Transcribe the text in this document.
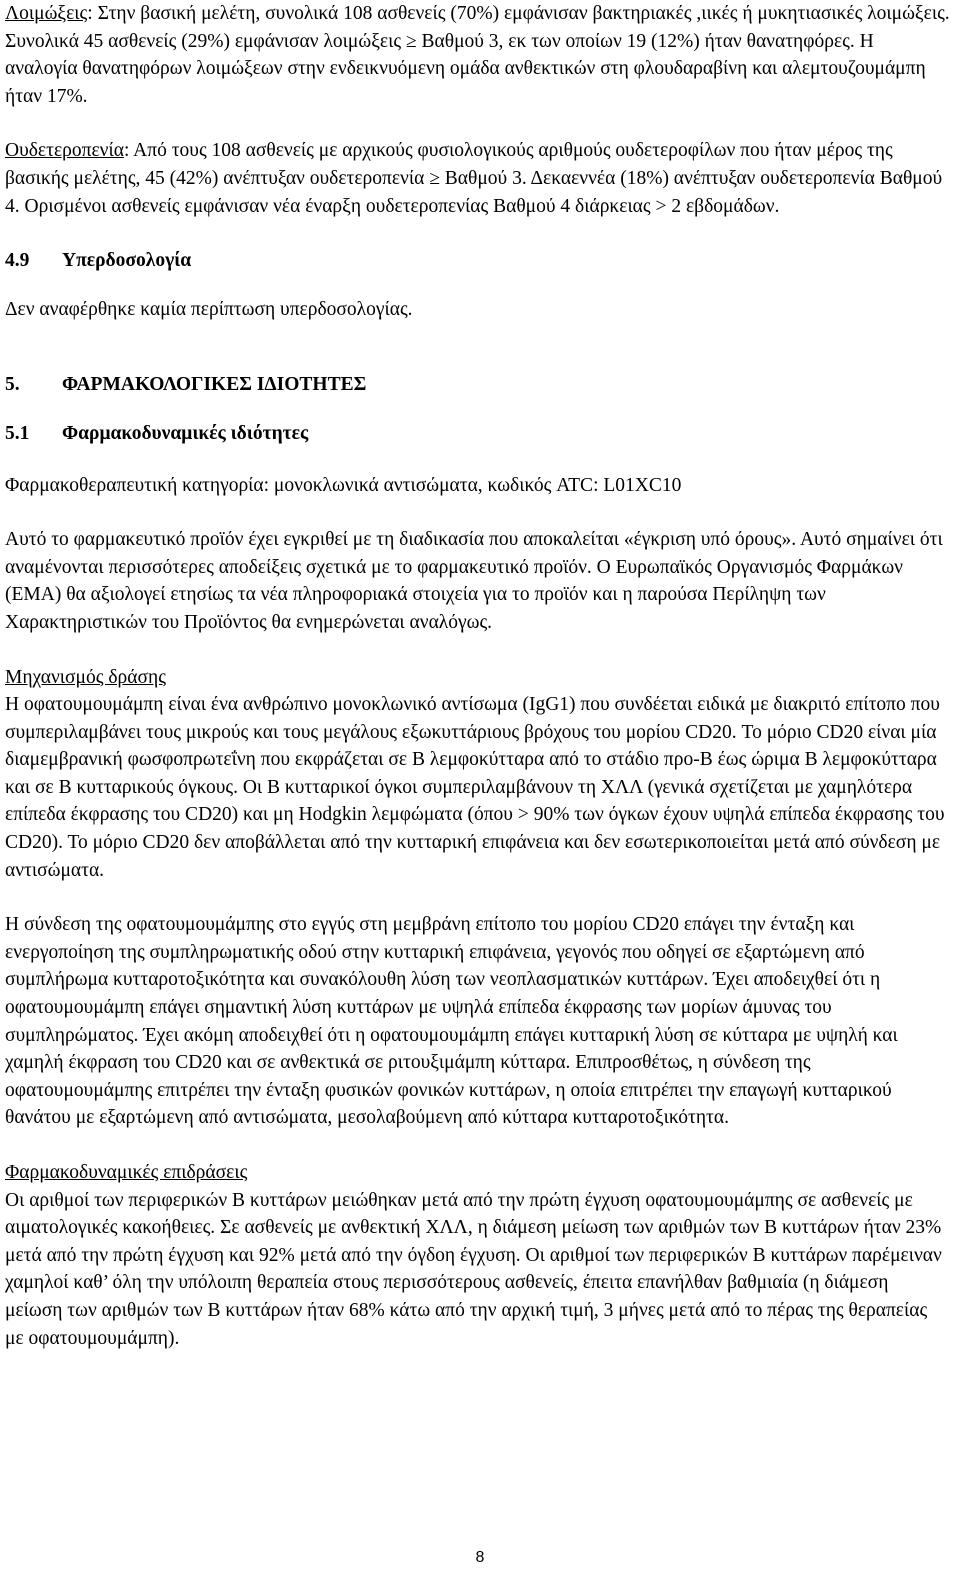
Λοιμώξεις: Στην βασική μελέτη, συνολικά 108 ασθενείς (70%) εμφάνισαν βακτηριακές ,ιικές ή μυκητιασικές λοιμώξεις. Συνολικά 45 ασθενείς (29%) εμφάνισαν λοιμώξεις ≥ Βαθμού 3, εκ των οποίων 19 (12%) ήταν θανατηφόρες. Η αναλογία θανατηφόρων λοιμώξεων στην ενδεικνυόμενη ομάδα ανθεκτικών στη φλουδαραβίνη και αλεμτουζουμάμπη ήταν 17%.

Ουδετεροπενία: Από τους 108 ασθενείς με αρχικούς φυσιολογικούς αριθμούς ουδετεροφίλων που ήταν μέρος της βασικής μελέτης, 45 (42%) ανέπτυξαν ουδετεροπενία ≥ Βαθμού 3. Δεκαεννέα (18%) ανέπτυξαν ουδετεροπενία Βαθμού 4. Ορισμένοι ασθενείς εμφάνισαν νέα έναρξη ουδετεροπενίας Βαθμού 4 διάρκειας > 2 εβδομάδων.

4.9 Υπερδοσολογία

Δεν αναφέρθηκε καμία περίπτωση υπερδοσολογίας.

5. ΦΑΡΜΑΚΟΛΟΓΙΚΕΣ ΙΔΙΟΤΗΤΕΣ

5.1 Φαρμακοδυναμικές ιδιότητες

Φαρμακοθεραπευτική κατηγορία: μονοκλωνικά αντισώματα, κωδικός ATC: L01XC10

Αυτό το φαρμακευτικό προϊόν έχει εγκριθεί με τη διαδικασία που αποκαλείται «έγκριση υπό όρους». Αυτό σημαίνει ότι αναμένονται περισσότερες αποδείξεις σχετικά με το φαρμακευτικό προϊόν. Ο Ευρωπαϊκός Οργανισμός Φαρμάκων (ΕΜΑ) θα αξιολογεί ετησίως τα νέα πληροφοριακά στοιχεία για το προϊόν και η παρούσα Περίληψη των Χαρακτηριστικών του Προϊόντος θα ενημερώνεται αναλόγως.

Μηχανισμός δράσης

Η οφατουμουμάμπη είναι ένα ανθρώπινο μονοκλωνικό αντίσωμα (IgG1) που συνδέεται ειδικά με διακριτό επίτοπο που συμπεριλαμβάνει τους μικρούς και τους μεγάλους εξωκυττάριους βρόχους του μορίου CD20. Το μόριο CD20 είναι μία διαμεμβρανική φωσφοπρωτεΐνη που εκφράζεται σε B λεμφοκύτταρα από το στάδιο προ-B έως ώριμα B λεμφοκύτταρα και σε B κυτταρικούς όγκους. Οι B κυτταρικοί όγκοι συμπεριλαμβάνουν τη ΧΛΛ (γενικά σχετίζεται με χαμηλότερα επίπεδα έκφρασης του CD20) και μη Hodgkin λεμφώματα (όπου > 90% των όγκων έχουν υψηλά επίπεδα έκφρασης του CD20). Το μόριο CD20 δεν αποβάλλεται από την κυτταρική επιφάνεια και δεν εσωτερικοποιείται μετά από σύνδεση με αντισώματα.

Η σύνδεση της οφατουμουμάμπης στο εγγύς στη μεμβράνη επίτοπο του μορίου CD20 επάγει την ένταξη και ενεργοποίηση της συμπληρωματικής οδού στην κυτταρική επιφάνεια, γεγονός που οδηγεί σε εξαρτώμενη από συμπλήρωμα κυτταροτοξικότητα και συνακόλουθη λύση των νεοπλασματικών κυττάρων. Έχει αποδειχθεί ότι η οφατουμουμάμπη επάγει σημαντική λύση κυττάρων με υψηλά επίπεδα έκφρασης των μορίων άμυνας του συμπληρώματος. Έχει ακόμη αποδειχθεί ότι η οφατουμουμάμπη επάγει κυτταρική λύση σε κύτταρα με υψηλή και χαμηλή έκφραση του CD20 και σε ανθεκτικά σε ριτουξιμάμπη κύτταρα. Επιπροσθέτως, η σύνδεση της οφατουμουμάμπης επιτρέπει την ένταξη φυσικών φονικών κυττάρων, η οποία επιτρέπει την επαγωγή κυτταρικού θανάτου με εξαρτώμενη από αντισώματα, μεσολαβούμενη από κύτταρα κυτταροτοξικότητα.

Φαρμακοδυναμικές επιδράσεις

Οι αριθμοί των περιφερικών B κυττάρων μειώθηκαν μετά από την πρώτη έγχυση οφατουμουμάμπης σε ασθενείς με αιματολογικές κακοήθειες. Σε ασθενείς με ανθεκτική ΧΛΛ, η διάμεση μείωση των αριθμών των B κυττάρων ήταν 23% μετά από την πρώτη έγχυση και 92% μετά από την όγδοη έγχυση. Οι αριθμοί των περιφερικών B κυττάρων παρέμειναν χαμηλοί καθ’ όλη την υπόλοιπη θεραπεία στους περισσότερους ασθενείς, έπειτα επανήλθαν βαθμιαία (η διάμεση μείωση των αριθμών των B κυττάρων ήταν 68% κάτω από την αρχική τιμή, 3 μήνες μετά από το πέρας της θεραπείας με οφατουμουμάμπη).

8
